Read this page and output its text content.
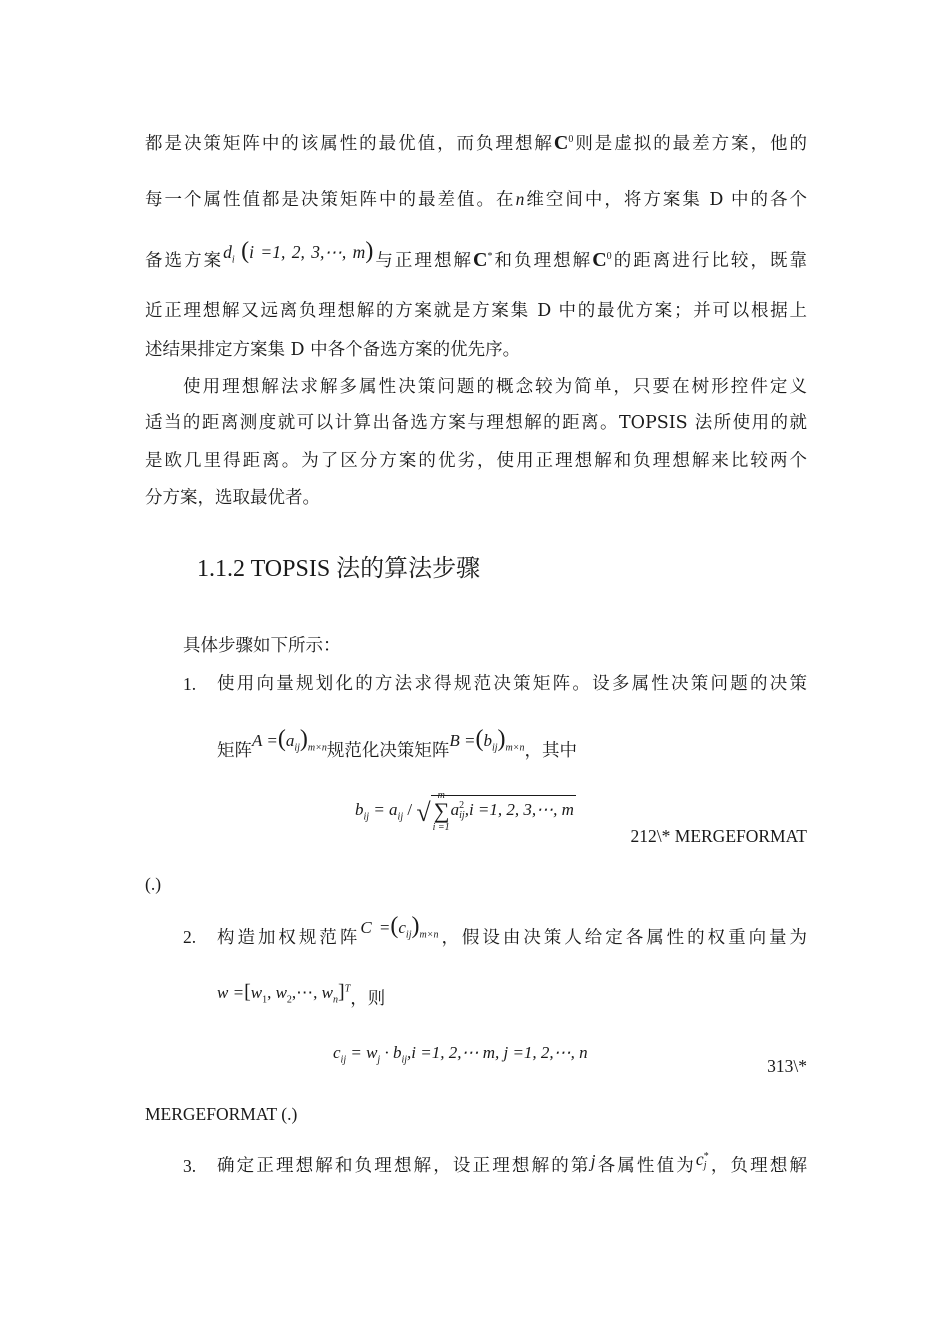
都是决策矩阵中的该属性的最优值，而负理想解$C^0$则是虚拟的最差方案，他的
每一个属性值都是决策矩阵中的最差值。在n维空间中，将方案集 D 中的各个
备选方案$d_i$ (i =1, 2, 3,⋯, m)与正理想解C*和负理想解$C^0$的距离进行比较，既靠
近正理想解又远离负理想解的方案就是方案集 D 中的最优方案；并可以根据上
述结果排定方案集 D 中各个备选方案的优先序。
使用理想解法求解多属性决策问题的概念较为简单，只要在树形控件定义
适当的距离测度就可以计算出备选方案与理想解的距离。TOPSIS 法所使用的就
是欧几里得距离。为了区分方案的优劣，使用正理想解和负理想解来比较两个
分方案，选取最优者。
1.1.2 TOPSIS 法的算法步骤
具体步骤如下所示：
1. 使用向量规划化的方法求得规范决策矩阵。设多属性决策问题的决策
矩阵$A =(a_{ij})_{m\times n}$规范化决策矩阵$B =(b_{ij})_{m\times n}$，其中
$b_{ij} = a_{ij}$ / √
m
∑
i =1
a 2
ij ,i =1, 2, 3,⋯, m
212\* MERGEFORMAT
(.)
2. 构造加权规范阵$C =(c_{ij})_{m\times n}$，假设由决策人给定各属性的权重向量为
$w =[w_1$, $w_2,\cdots$, $w_n]^T$，则
$c_{ij} = w_j \cdot b_{ij},i =1$, 2,⋯ m, j =1, 2,⋯, n
313\*
MERGEFORMAT (.)
3. 确定正理想解和负理想解，设正理想解的第j各属性值为c *
j ，负理想解
